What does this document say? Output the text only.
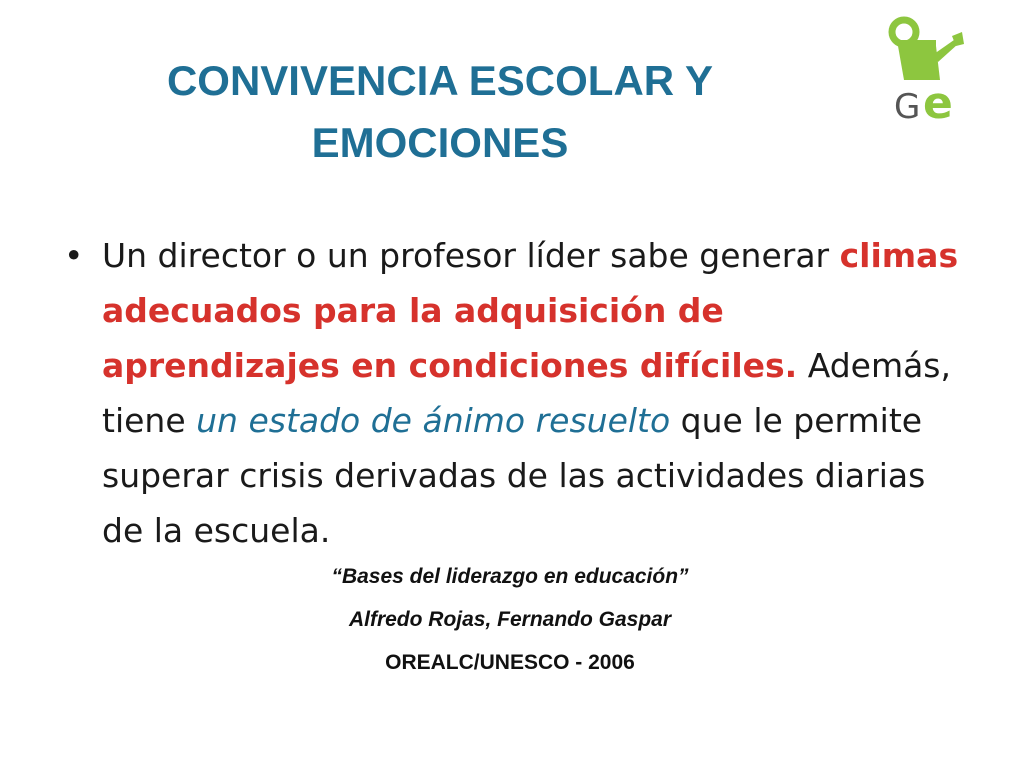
CONVIVENCIA ESCOLAR Y
EMOCIONES
G e
• Un director o un profesor líder sabe generar climas adecuados para la adquisición de aprendizajes en condiciones difíciles. Además, tiene un estado de ánimo resuelto que le permite superar crisis derivadas de las actividades diarias de la escuela.
“Bases del liderazgo en educación”
Alfredo Rojas, Fernando Gaspar
OREALC/UNESCO - 2006
